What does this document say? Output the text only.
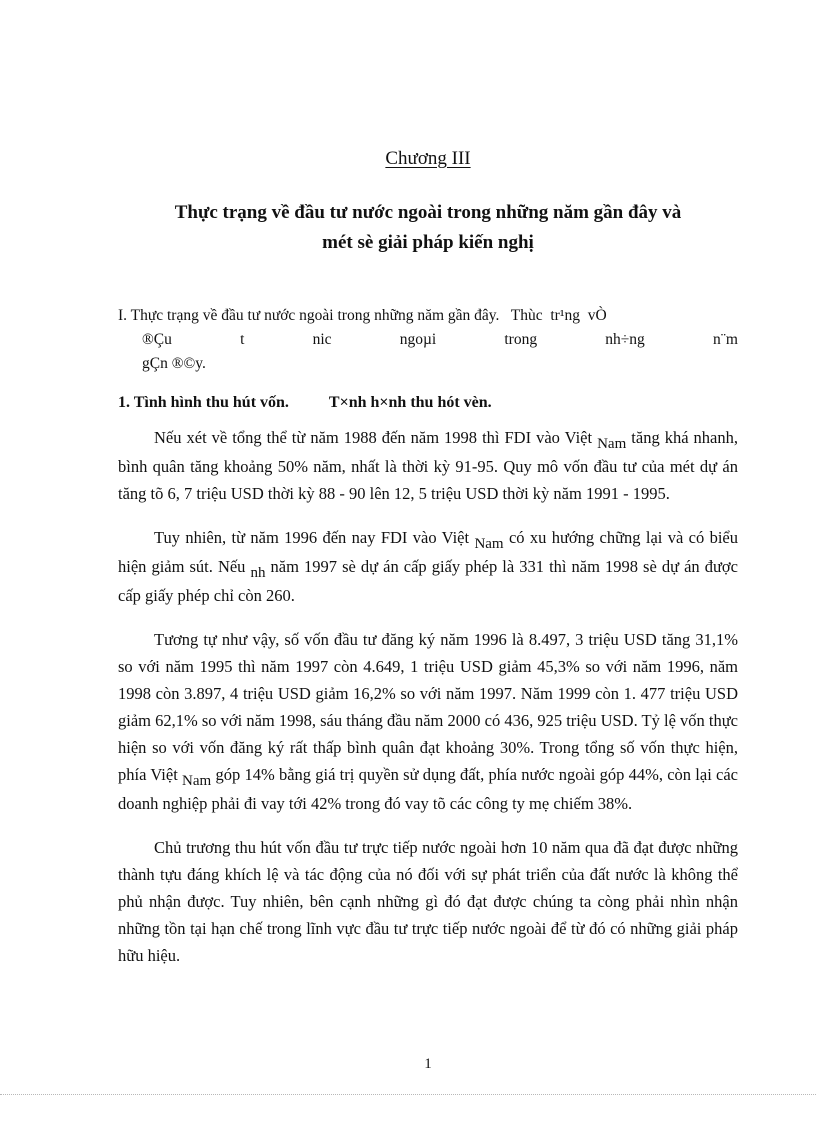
Chương III
Thực trạng về đầu tư nước ngoài trong những năm gần đây và
mét sè giải pháp kiến nghị
I. Thực trạng về đầu tư nước ngoài trong những năm gần đây.   Thùc  tr¹ng  vÒ
®Çu	t	nic	ngoµi	trong	nh÷ng	n¨m
gÇn ®©y.
1. Tình hình thu hút vốn.	T×nh h×nh thu hót vèn.

Nếu xét về tổng thể từ năm 1988 đến năm 1998 thì FDI vào Việt Nam tăng khá nhanh, bình quân tăng khoảng 50% năm, nhất là thời kỳ 91-95. Quy mô vốn đầu tư của mét dự án tăng tõ 6, 7 triệu USD thời kỳ 88 - 90 lên 12, 5 triệu USD thời kỳ năm 1991 - 1995.

Tuy nhiên, từ năm 1996 đến nay FDI vào Việt Nam có xu hướng chững lại và có biểu hiện giảm sút. Nếu nh năm 1997 sè dự án cấp giấy phép là 331 thì năm 1998 sè dự án được cấp giấy phép chỉ còn 260.

Tương tự như vậy, số vốn đầu tư đăng ký năm 1996 là 8.497, 3 triệu USD tăng 31,1% so với năm 1995 thì năm 1997 còn 4.649, 1 triệu USD giảm 45,3% so với năm 1996, năm 1998 còn 3.897, 4 triệu USD giảm 16,2% so với năm 1997. Năm 1999 còn 1. 477 triệu USD giảm 62,1% so với năm 1998, sáu tháng đầu năm 2000 có 436, 925 triệu USD. Tỷ lệ vốn thực hiện so với vốn đăng ký rất thấp bình quân đạt khoảng 30%. Trong tổng số vốn thực hiện, phía Việt Nam góp 14% bằng giá trị quyền sử dụng đất, phía nước ngoài góp 44%, còn lại các doanh nghiệp phải đi vay tới 42% trong đó vay tõ các công ty mẹ chiếm 38%.

Chủ trương thu hút vốn đầu tư trực tiếp nước ngoài hơn 10 năm qua đã đạt được những thành tựu đáng khích lệ và tác động của nó đối với sự phát triển của đất nước là không thể phủ nhận được. Tuy nhiên, bên cạnh những gì đó đạt được chúng ta còng phải nhìn nhận những tồn tại hạn chế trong lĩnh vực đầu tư trực tiếp nước ngoài để từ đó có những giải pháp hữu hiệu.

1
